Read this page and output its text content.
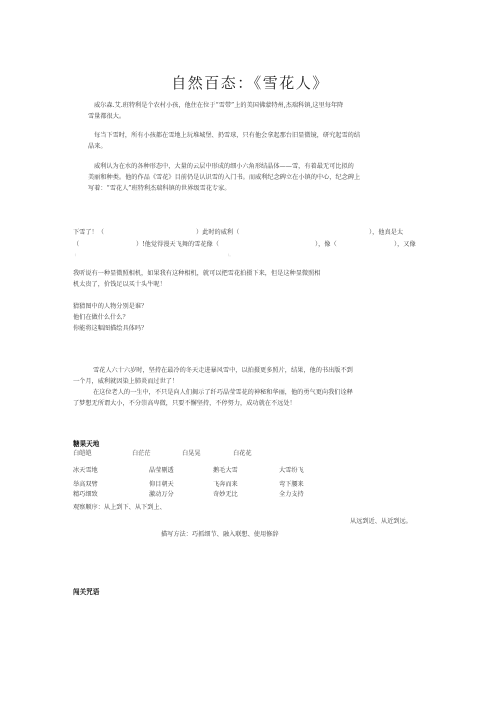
自然百态：《雪花人》
威尔森.艾.班特利是个农村小孩，他住在位于“雪带”上的美国佛蒙特州,杰瑞科镇,这里每年降
雪量都很大。
每当下雪时，所有小孩都在雪地上玩堆城堡、扔雪球，只有他会拿起那台旧显微镜，研究起雪的结
晶来。
威利认为在水的各种形态中，大量的云层中形成的细小六角形结晶体——雪，有着最无可比拟的
美丽和种类。他的作品《雪花》目前仍是认识雪的入门书。而威利纪念碑立在小镇的中心，纪念碑上
写着：“雪花人”班特利杰瑞科镇的世界级雪花专家。
下雪了！（	）此时的威利（	），他真是太
（	）!他觉得漫天飞舞的雪花像（	），像（	），又像
（	）。
我听说有一种显微照相机，如果我有这种相机，就可以把雪花拍摄下来，但是这种显微照相
机太贵了，价钱足以买十头牛呢！
猜猜图中的人物分别是谁？
他们在做什么什么？
你能将这幅图描绘具体吗？
雪花人六十六岁时，坚持在最冷的冬天走进暴风雪中，以拍摄更多照片，结果，他的书出版不到
一个月，威利就因染上肺炎而过世了！
在这位老人的一生中，不只是向人们揭示了纤巧晶莹雪花的神秘和华丽，他的勇气更向我们诠释
了梦想无所谓大小，不分崇高卑微，只要不懈坚持，不停努力，成功就在不远处！
糖果天地
白皑皑	白茫茫	白晃晃	白花花
冰天雪地	晶莹剔透	鹅毛大雪	大雪纷飞
举高双臂	仰目朝天	飞奔而来	弯下腰来
精巧细致	激动万分	奇妙无比	全力支持
观察顺序：从上到下、从下到上、
从远到近、从近到远。
描写方法：巧抓细节、融入联想、使用修辞
闯关咒语
